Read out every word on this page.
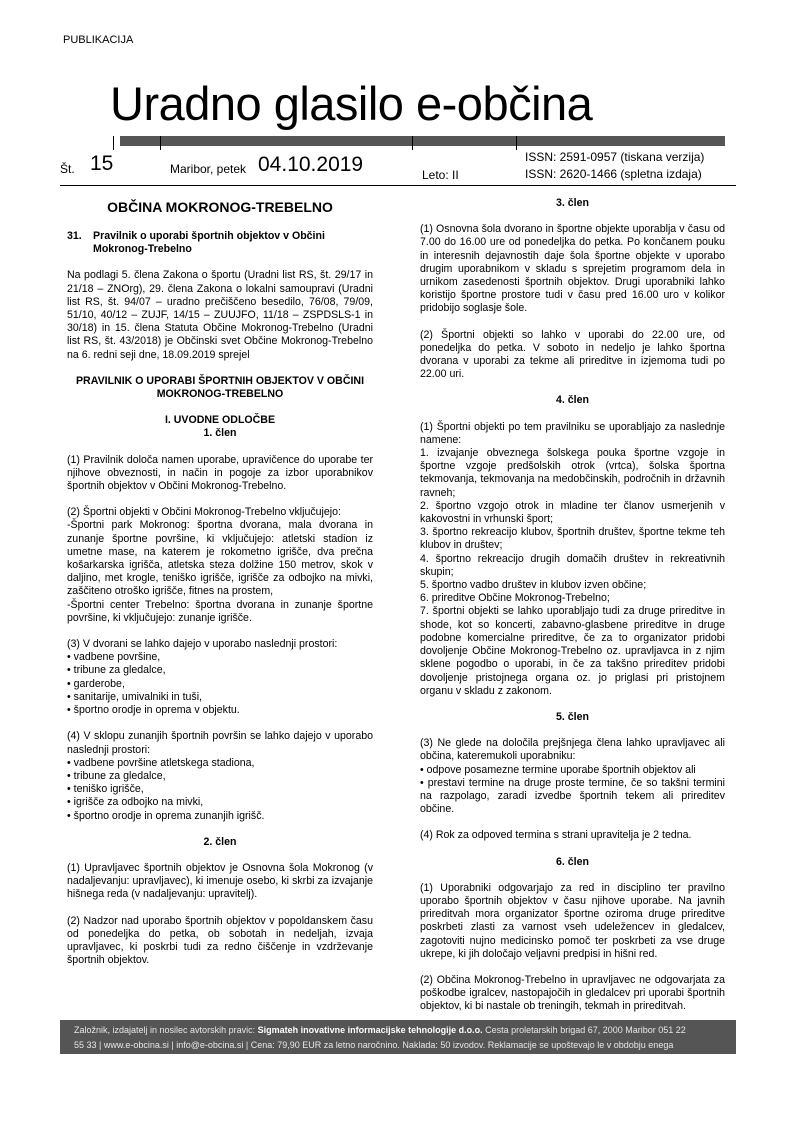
PUBLIKACIJA
Uradno glasilo e-občina
Št. 15	Maribor, petek 04.10.2019	Leto: II
ISSN: 2591-0957 (tiskana verzija)
ISSN: 2620-1466 (spletna izdaja)

OBČINA MOKRONOG-TREBELNO

31.	Pravilnik o uporabi športnih objektov v Občini Mokronog-Trebelno

Na podlagi 5. člena Zakona o športu (Uradni list RS, št. 29/17 in 21/18 – ZNOrg), 29. člena Zakona o lokalni samoupravi (Uradni list RS, št. 94/07 – uradno prečiščeno besedilo, 76/08, 79/09, 51/10, 40/12 – ZUJF, 14/15 – ZUUJFO, 11/18 – ZSPDSLS-1 in 30/18) in 15. člena Statuta Občine Mokronog-Trebelno (Uradni list RS, št. 43/2018) je Občinski svet Občine Mokronog-Trebelno na 6. redni seji dne, 18.09.2019 sprejel

PRAVILNIK O UPORABI ŠPORTNIH OBJEKTOV V OBČINI MOKRONOG-TREBELNO

I. UVODNE ODLOČBE

1. člen

(1) Pravilnik določa namen uporabe, upravičence do uporabe ter njihove obveznosti, in način in pogoje za izbor uporabnikov športnih objektov v Občini Mokronog-Trebelno.

(2) Športni objekti v Občini Mokronog-Trebelno vključujejo:

-Športni park Mokronog: športna dvorana, mala dvorana in zunanje športne površine, ki vključujejo: atletski stadion iz umetne mase, na katerem je rokometno igrišče, dva prečna košarkarska igrišča, atletska steza dolžine 150 metrov, skok v daljino, met krogle, teniško igrišče, igrišče za odbojko na mivki, zaščiteno otroško igrišče, fitnes na prostem,

-Športni center Trebelno: športna dvorana in zunanje športne površine, ki vključujejo: zunanje igrišče.

(3) V dvorani se lahko dajejo v uporabo naslednji prostori:

• vadbene površine,

• tribune za gledalce,

• garderobe,

• sanitarije, umivalniki in tuši,

• športno orodje in oprema v objektu.

(4) V sklopu zunanjih športnih površin se lahko dajejo v uporabo naslednji prostori:

• vadbene površine atletskega stadiona,

• tribune za gledalce,

• teniško igrišče,

• igrišče za odbojko na mivki,

• športno orodje in oprema zunanjih igrišč.

2. člen

(1) Upravljavec športnih objektov je Osnovna šola Mokronog (v nadaljevanju: upravljavec), ki imenuje osebo, ki skrbi za izvajanje hišnega reda (v nadaljevanju: upravitelj).

(2) Nadzor nad uporabo športnih objektov v popoldanskem času od ponedeljka do petka, ob sobotah in nedeljah, izvaja upravljavec, ki poskrbi tudi za redno čiščenje in vzdrževanje športnih objektov.

3. člen

(1) Osnovna šola dvorano in športne objekte uporablja v času od 7.00 do 16.00 ure od ponedeljka do petka. Po končanem pouku in interesnih dejavnostih daje šola športne objekte v uporabo drugim uporabnikom v skladu s sprejetim programom dela in urnikom zasedenosti športnih objektov. Drugi uporabniki lahko koristijo športne prostore tudi v času pred 16.00 uro v kolikor pridobijo soglasje šole.

(2) Športni objekti so lahko v uporabi do 22.00 ure, od ponedeljka do petka. V soboto in nedeljo je lahko športna dvorana v uporabi za tekme ali prireditve in izjemoma tudi po 22.00 uri.

4. člen

(1) Športni objekti po tem pravilniku se uporabljajo za naslednje namene:

1. izvajanje obveznega šolskega pouka športne vzgoje in športne vzgoje predšolskih otrok (vrtca), šolska športna tekmovanja, tekmovanja na medobčinskih, področnih in državnih ravneh;

2. športno vzgojo otrok in mladine ter članov usmerjenih v kakovostni in vrhunski šport;

3. športno rekreacijo klubov, športnih društev, športne tekme teh klubov in društev;

4. športno rekreacijo drugih domačih društev in rekreativnih skupin;

5. športno vadbo društev in klubov izven občine;

6. prireditve Občine Mokronog-Trebelno;

7. športni objekti se lahko uporabljajo tudi za druge prireditve in shode, kot so koncerti, zabavno-glasbene prireditve in druge podobne komercialne prireditve, če za to organizator pridobi dovoljenje Občine Mokronog-Trebelno oz. upravljavca in z njim sklene pogodbo o uporabi, in če za takšno prireditev pridobi dovoljenje pristojnega organa oz. jo priglasi pri pristojnem organu v skladu z zakonom.

5. člen

(3) Ne glede na določila prejšnjega člena lahko upravljavec ali občina, kateremukoli uporabniku:

• odpove posamezne termine uporabe športnih objektov ali

• prestavi termine na druge proste termine, če so takšni termini na razpolago, zaradi izvedbe športnih tekem ali prireditev občine.

(4) Rok za odpoved termina s strani upravitelja je 2 tedna.

6. člen

(1) Uporabniki odgovarjajo za red in disciplino ter pravilno uporabo športnih objektov v času njihove uporabe. Na javnih prireditvah mora organizator športne oziroma druge prireditve poskrbeti zlasti za varnost vseh udeležencev in gledalcev, zagotoviti nujno medicinsko pomoč ter poskrbeti za vse druge ukrepe, ki jih določajo veljavni predpisi in hišni red.

(2) Občina Mokronog-Trebelno in upravljavec ne odgovarjata za poškodbe igralcev, nastopajočih in gledalcev pri uporabi športnih objektov, ki bi nastale ob treningih, tekmah in prireditvah.

Založnik, izdajatelj in nosilec avtorskih pravic: Sigmateh inovativne informacijske tehnologije d.o.o. Cesta proletarskih brigad 67, 2000 Maribor 051 22
55 33 | www.e-obcina.si | info@e-obcina.si | Cena: 79,90 EUR za letno naročnino. Naklada: 50 izvodov. Reklamacije se upoštevajo le v obdobju enega
